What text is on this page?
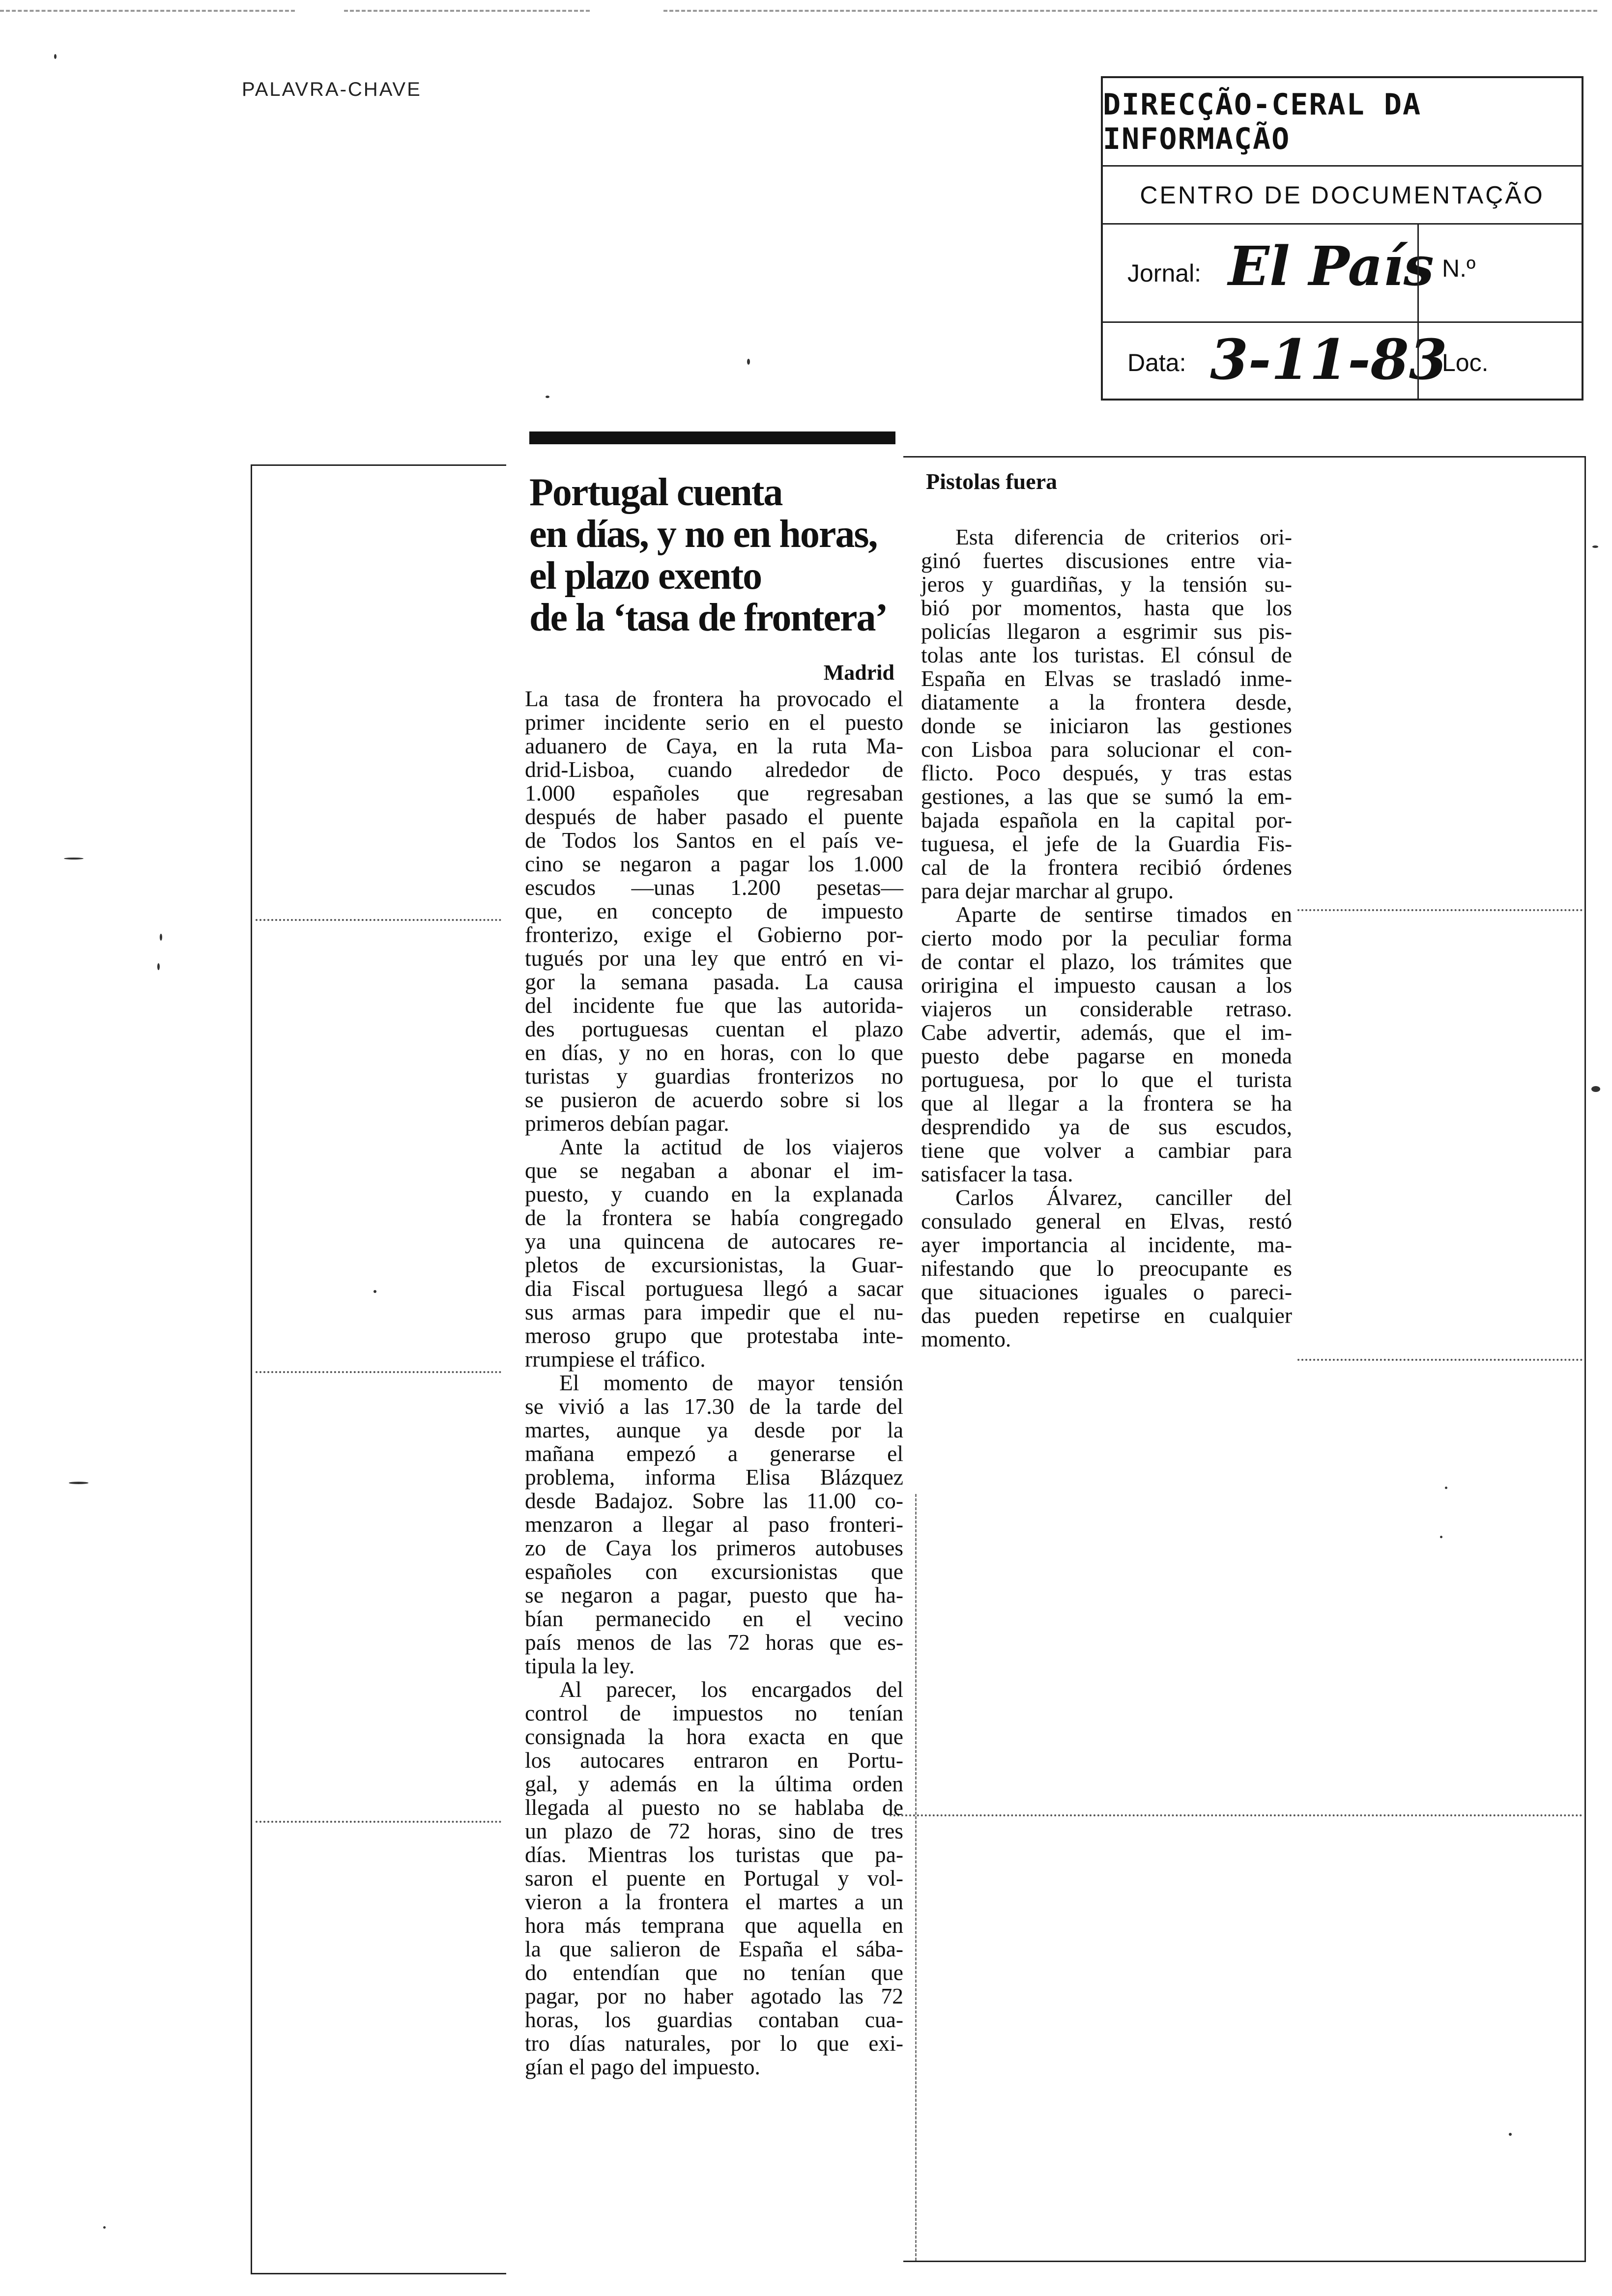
PALAVRA-CHAVE	DIRECÇÃO-CERAL DA INFORMAÇÃO
CENTRO DE DOCUMENTAÇÃO
Jornal: El País N.º
Data: 3-11-83
Loc.
Portugal cuenta
en días, y no en horas,
el plazo exento
de la ‘tasa de frontera’
Madrid
La tasa de frontera ha provocado el
primer incidente serio en el puesto
aduanero de Caya, en la ruta Ma-
drid-Lisboa, cuando alrededor de
1.000 españoles que regresaban
después de haber pasado el puente
de Todos los Santos en el país ve-
cino se negaron a pagar los 1.000
escudos —unas 1.200 pesetas—
que, en concepto de impuesto
fronterizo, exige el Gobierno por-
tugués por una ley que entró en vi-
gor la semana pasada. La causa
del incidente fue que las autorida-
des portuguesas cuentan el plazo
en días, y no en horas, con lo que
turistas y guardias fronterizos no
se pusieron de acuerdo sobre si los
primeros debían pagar.
Ante la actitud de los viajeros
que se negaban a abonar el im-
puesto, y cuando en la explanada
de la frontera se había congregado
ya una quincena de autocares re-
pletos de excursionistas, la Guar-
dia Fiscal portuguesa llegó a sacar
sus armas para impedir que el nu-
meroso grupo que protestaba inte-
rrumpiese el tráfico.
El momento de mayor tensión
se vivió a las 17.30 de la tarde del
martes, aunque ya desde por la
mañana empezó a generarse el
problema, informa Elisa Blázquez
desde Badajoz. Sobre las 11.00 co-
menzaron a llegar al paso fronteri-
zo de Caya los primeros autobuses
españoles con excursionistas que
se negaron a pagar, puesto que ha-
bían permanecido en el vecino
país menos de las 72 horas que es-
tipula la ley.
Al parecer, los encargados del
control de impuestos no tenían
consignada la hora exacta en que
los autocares entraron en Portu-
gal, y además en la última orden
llegada al puesto no se hablaba de
un plazo de 72 horas, sino de tres
días. Mientras los turistas que pa-
saron el puente en Portugal y vol-
vieron a la frontera el martes a un
hora más temprana que aquella en
la que salieron de España el sába-
do entendían que no tenían que
pagar, por no haber agotado las 72
horas, los guardias contaban cua-
tro días naturales, por lo que exi-
gían el pago del impuesto.
Pistolas fuera
Esta diferencia de criterios ori-
ginó fuertes discusiones entre via-
jeros y guardiñas, y la tensión su-
bió por momentos, hasta que los
policías llegaron a esgrimir sus pis-
tolas ante los turistas. El cónsul de
España en Elvas se trasladó inme-
diatamente a la frontera desde,
donde se iniciaron las gestiones
con Lisboa para solucionar el con-
flicto. Poco después, y tras estas
gestiones, a las que se sumó la em-
bajada española en la capital por-
tuguesa, el jefe de la Guardia Fis-
cal de la frontera recibió órdenes
para dejar marchar al grupo.
Aparte de sentirse timados en
cierto modo por la peculiar forma
de contar el plazo, los trámites que
oririgina el impuesto causan a los
viajeros un considerable retraso.
Cabe advertir, además, que el im-
puesto debe pagarse en moneda
portuguesa, por lo que el turista
que al llegar a la frontera se ha
desprendido ya de sus escudos,
tiene que volver a cambiar para
satisfacer la tasa.
Carlos Álvarez, canciller del
consulado general en Elvas, restó
ayer importancia al incidente, ma-
nifestando que lo preocupante es
que situaciones iguales o pareci-
das pueden repetirse en cualquier
momento.
